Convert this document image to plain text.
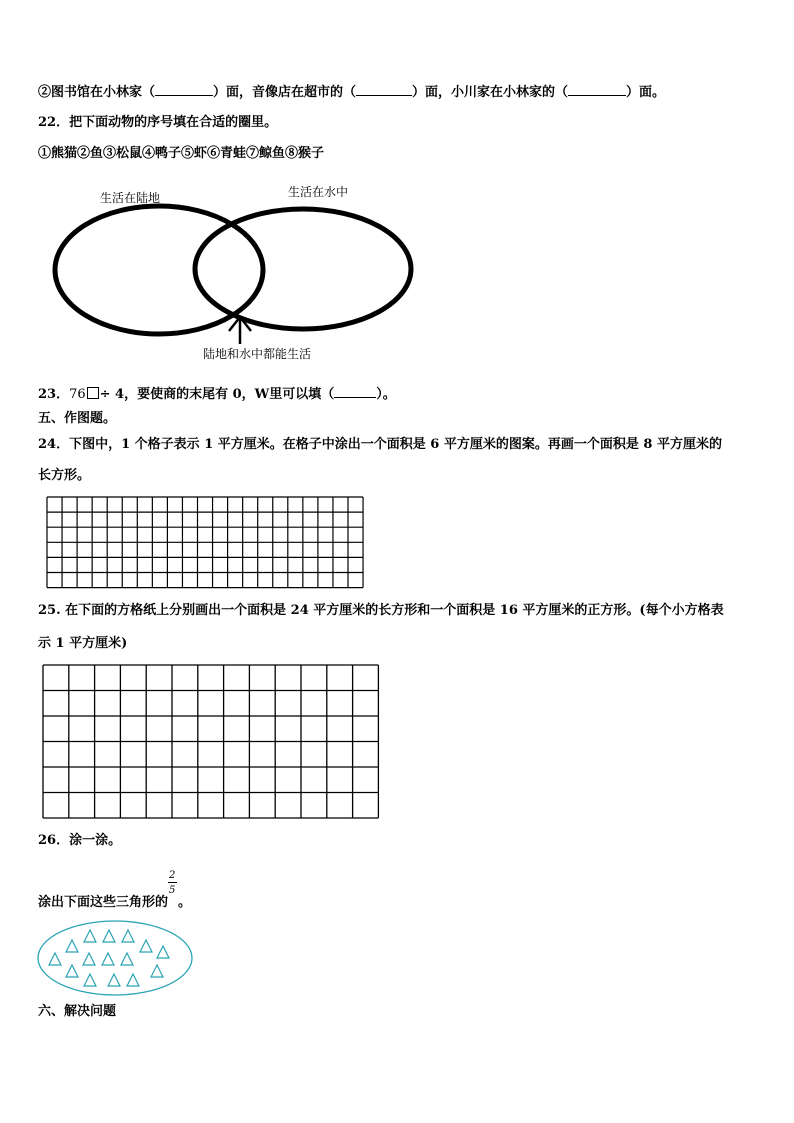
②图书馆在小林家（	）面，音像店在超市的（	）面，小川家在小林家的（	）面。
22．把下面动物的序号填在合适的圈里。
①熊猫②鱼③松鼠④鸭子⑤虾⑥青蛙⑦鲸鱼⑧猴子
生活在陆地	生活在水中
陆地和水中都能生活
23．76 ÷ 4，要使商的末尾有 0，W里可以填（	）。
五、作图题。
24．下图中，1 个格子表示 1 平方厘米。在格子中涂出一个面积是 6 平方厘米的图案。再画一个面积是 8 平方厘米的
长方形。
25. 在下面的方格纸上分别画出一个面积是 24 平方厘米的长方形和一个面积是 16 平方厘米的正方形。(每个小方格表
示 1 平方厘米)
26．涂一涂。
涂出下面这些三角形的 $\frac{2}{5}$ 。
六、解决问题
